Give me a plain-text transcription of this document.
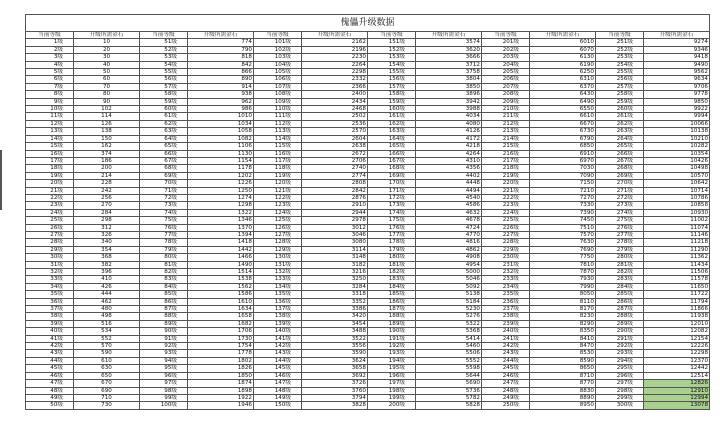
傀儡升级数据											
当前等级	升级所需金石	当前等级	升级所需金石	当前等级	升级所需金石	当前等级	升级所需金石	当前等级	升级所需金石	当前等级	升级所需金石
1级	10	51级	774	101级	2162	151级	3574	201级	6010	251级	9274
2级	20	52级	790	102级	2196	152级	3620	202级	6070	252级	9346
3级	30	53级	818	103级	2230	153级	3666	203级	6130	253级	9418
4级	40	54级	842	104级	2264	154级	3712	204级	6190	254级	9490
5级	50	55级	866	105级	2298	155级	3758	205级	6250	255级	9562
6级	60	56级	890	106级	2332	156级	3804	206级	6310	256级	9634
7级	70	57级	914	107级	2366	157级	3850	207级	6370	257级	9706
8级	80	58级	938	108级	2400	158级	3896	208级	6430	258级	9778
9级	90	59级	962	109级	2434	159级	3942	209级	6490	259级	9850
10级	102	60级	986	110级	2468	160级	3988	210级	6550	260级	9922
11级	114	61级	1010	111级	2502	161级	4034	211级	6610	261级	9994
12级	126	62级	1034	112级	2536	162级	4080	212级	6670	262级	10066
13级	138	63级	1058	113级	2570	163级	4126	213级	6730	263级	10138
14级	150	64级	1082	114级	2604	164级	4172	214级	6790	264级	10210
15级	162	65级	1106	115级	2638	165级	4218	215级	6850	265级	10282
16级	374	66级	1130	116级	2672	166级	4264	216级	6910	266级	10354
17级	186	67级	1154	117级	2706	167级	4310	217级	6970	267级	10426
18级	200	68级	1178	118级	2740	168级	4356	218级	7030	268级	10498
19级	214	69级	1202	119级	2774	169级	4402	219级	7090	269级	10570
20级	228	70级	1226	120级	2808	170级	4448	220级	7150	270级	10642
21级	242	71级	1250	121级	2842	171级	4494	221级	7210	271级	10714
22级	256	72级	1274	122级	2876	172级	4540	222级	7270	272级	10786
23级	270	73级	1298	123级	2910	173级	4586	223级	7330	273级	10858
24级	284	74级	1322	124级	2944	174级	4632	224级	7390	274级	10930
25级	298	75级	1346	125级	2978	175级	4678	225级	7450	275级	11002
26级	312	76级	1370	126级	3012	176级	4724	226级	7510	276级	11074
27级	326	77级	1394	127级	3046	177级	4770	227级	7570	277级	11146
28级	340	78级	1418	128级	3080	178级	4816	228级	7630	278级	11218
29级	354	79级	1442	129级	3114	179级	4862	229级	7690	279级	11290
30级	368	80级	1466	130级	3148	180级	4908	230级	7750	280级	11362
31级	382	81级	1490	131级	3182	181级	4954	231级	7810	281级	11434
32级	396	82级	1514	132级	3216	182级	5000	232级	7870	282级	11506
33级	410	83级	1538	133级	3250	183级	5046	233级	7930	283级	11578
34级	426	84级	1562	134级	3284	184级	5092	234级	7990	284级	11650
35级	444	85级	1586	135级	3318	185级	5138	235级	8050	285级	11722
36级	462	86级	1610	136级	3352	186级	5184	236级	8110	286级	11794
37级	480	87级	1634	137级	3386	187级	5230	237级	8170	287级	11866
38级	498	88级	1658	138级	3420	188级	5276	238级	8230	288级	11938
39级	516	89级	1682	139级	3454	189级	5322	239级	8290	289级	12010
40级	534	90级	1706	140级	3488	190级	5368	240级	8350	290级	12082
41级	552	91级	1730	141级	3522	191级	5414	241级	8410	291级	12154
42级	570	92级	1754	142级	3556	192级	5460	242级	8470	292级	12226
43级	590	93级	1778	143级	3590	193级	5506	243级	8530	293级	12298
44级	610	94级	1802	144级	3624	194级	5552	244级	8590	294级	12370
45级	630	95级	1826	145级	3658	195级	5598	245级	8650	295级	12442
46级	650	96级	1850	146级	3692	196级	5644	246级	8710	296级	12514
47级	670	97级	1874	147级	3726	197级	5690	247级	8770	297级	12826
48级	690	98级	1898	148级	3760	198级	5736	248级	8830	298级	12910
49级	710	99级	1922	149级	3794	199级	5782	249级	8890	299级	12994
50级	730	100级	1946	150级	3828	200级	5828	250级	8950	300级	13078
